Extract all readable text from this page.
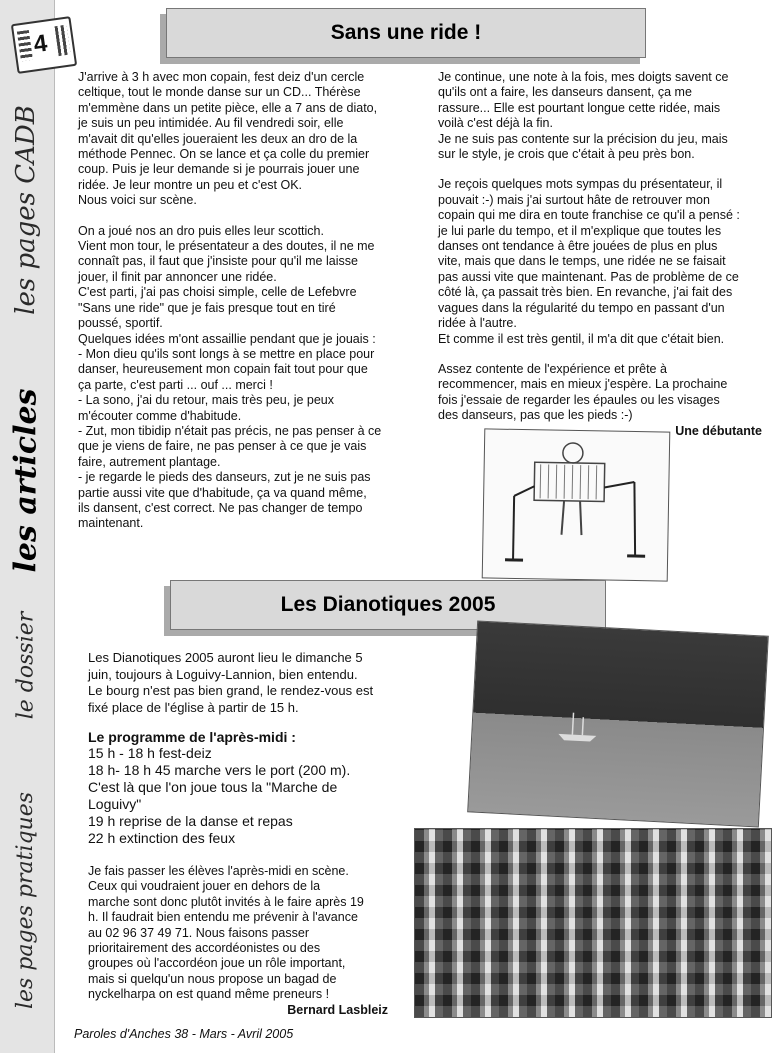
4
les pages CADB
les articles
le dossier
les pages pratiques
Sans une ride !

J'arrive à 3 h avec mon copain, fest deiz d'un cercle
celtique, tout le monde danse sur un CD... Thérèse
m'emmène dans un petite pièce, elle a 7 ans de diato,
je suis un peu intimidée. Au fil vendredi soir, elle
m'avait dit qu'elles joueraient les deux an dro de la
méthode Pennec. On se lance et ça colle du premier
coup. Puis je leur demande si je pourrais jouer une
ridée. Je leur montre un peu et c'est OK.
Nous voici sur scène.

On a joué nos an dro puis elles leur scottich.
Vient mon tour, le présentateur a des doutes, il ne me
connaît pas, il faut que j'insiste pour qu'il me laisse
jouer, il finit par annoncer une ridée.
C'est parti, j'ai pas choisi simple, celle de Lefebvre
"Sans une ride" que je fais presque tout en tiré
poussé, sportif.
Quelques idées m'ont assaillie pendant que je jouais :
- Mon dieu qu'ils sont longs à se mettre en place pour
danser, heureusement mon copain fait tout pour que
ça parte, c'est parti ... ouf ... merci !
- La sono, j'ai du retour, mais très peu, je peux
m'écouter comme d'habitude.
- Zut, mon tibidip n'était pas précis, ne pas penser à ce
que je viens de faire, ne pas penser à ce que je vais
faire, autrement plantage.
- je regarde le pieds des danseurs, zut je ne suis pas
partie aussi vite que d'habitude, ça va quand même,
ils dansent, c'est correct. Ne pas changer de tempo
maintenant.

Je continue, une note à la fois, mes doigts savent ce
qu'ils ont a faire, les danseurs dansent, ça me
rassure... Elle est pourtant longue cette ridée, mais
voilà c'est déjà la fin.
Je ne suis pas contente sur la précision du jeu, mais
sur le style, je crois que c'était à peu près bon.

Je reçois quelques mots sympas du présentateur, il
pouvait :-) mais j'ai surtout hâte de retrouver mon
copain qui me dira en toute franchise ce qu'il a pensé :
je lui parle du tempo, et il m'explique que toutes les
danses ont tendance à être jouées de plus en plus
vite, mais que dans le temps, une ridée ne se faisait
pas aussi vite que maintenant. Pas de problème de ce
côté là, ça passait très bien. En revanche, j'ai fait des
vagues dans la régularité du tempo en passant d'un
ridée à l'autre.
Et comme il est très gentil, il m'a dit que c'était bien.

Assez contente de l'expérience et prête à
recommencer, mais en mieux j'espère. La prochaine
fois j'essaie de regarder les épaules ou les visages
des danseurs, pas que les pieds :-)

Une débutante
Les Dianotiques 2005
Les Dianotiques 2005 auront lieu le dimanche 5
juin, toujours à Loguivy-Lannion, bien entendu.
Le bourg n'est pas bien grand, le rendez-vous est
fixé place de l'église à partir de 15 h.
Le programme de l'après-midi :
15 h - 18 h fest-deiz
18 h- 18 h 45 marche vers le port (200 m).
C'est là que l'on joue tous la "Marche de
Loguivy"
19 h reprise de la danse et repas
22 h extinction des feux
Je fais passer les élèves l'après-midi en scène.
Ceux qui voudraient jouer en dehors de la
marche sont donc plutôt invités à le faire après 19
h. Il faudrait bien entendu me prévenir à l'avance
au 02 96 37 49 71. Nous faisons passer
prioritairement des accordéonistes ou des
groupes où l'accordéon joue un rôle important,
mais si quelqu'un nous propose un bagad de
nyckelharpa on est quand même preneurs !
Bernard Lasbleiz
Paroles d'Anches 38 - Mars - Avril 2005
